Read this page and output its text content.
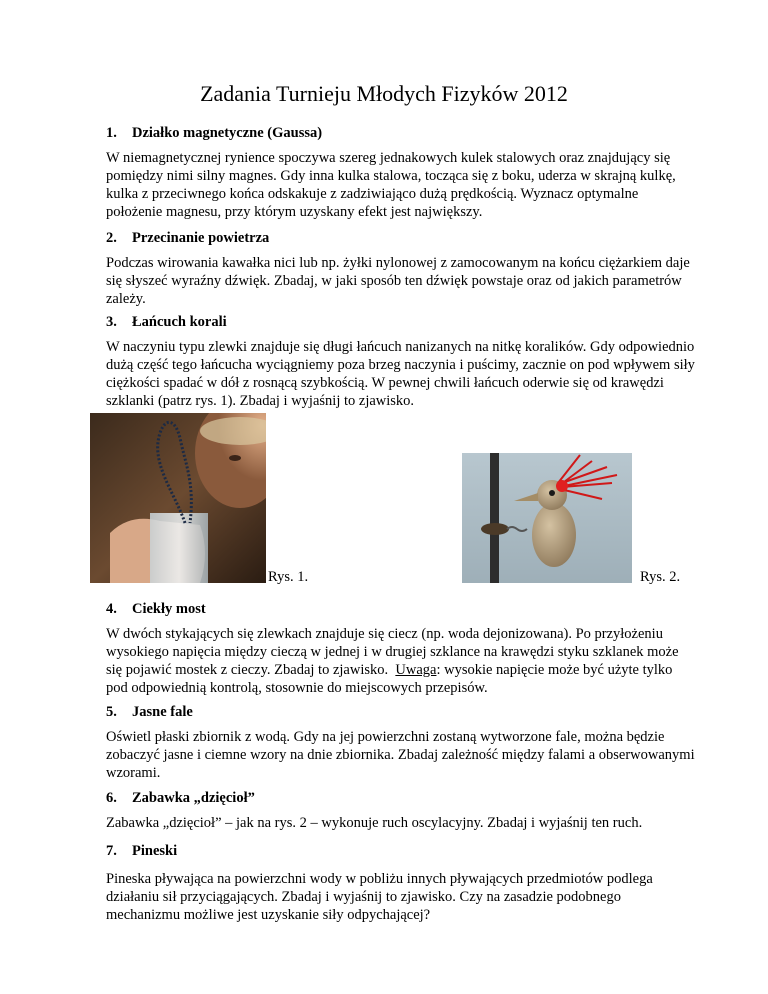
Zadania Turnieju Młodych Fizyków 2012
1. Działko magnetyczne (Gaussa)

W niemagnetycznej rynience spoczywa szereg jednakowych kulek stalowych oraz znajdujący się pomiędzy nimi silny magnes. Gdy inna kulka stalowa, tocząca się z boku, uderza w skrajną kulkę, kulka z przeciwnego końca odskakuje z zadziwiająco dużą prędkością. Wyznacz optymalne położenie magnesu, przy którym uzyskany efekt jest największy.

2. Przecinanie powietrza

Podczas wirowania kawałka nici lub np. żyłki nylonowej z zamocowanym na końcu ciężarkiem daje się słyszeć wyraźny dźwięk. Zbadaj, w jaki sposób ten dźwięk powstaje oraz od jakich parametrów zależy.

3. Łańcuch korali

W naczyniu typu zlewki znajduje się długi łańcuch nanizanych na nitkę koralików. Gdy odpowiednio dużą część tego łańcucha wyciągniemy poza brzeg naczynia i puścimy, zacznie on pod wpływem siły ciężkości spadać w dół z rosnącą szybkością. W pewnej chwili łańcuch oderwie się od krawędzi szklanki (patrz rys. 1). Zbadaj i wyjaśnij to zjawisko.

Rys. 1.	Rys. 2.
4. Ciekły most

W dwóch stykających się zlewkach znajduje się ciecz (np. woda dejonizowana). Po przyłożeniu wysokiego napięcia między cieczą w jednej i w drugiej szklance na krawędzi styku szklanek może się pojawić mostek z cieczy. Zbadaj to zjawisko. Uwaga: wysokie napięcie może być użyte tylko pod odpowiednią kontrolą, stosownie do miejscowych przepisów.

5. Jasne fale

Oświetl płaski zbiornik z wodą. Gdy na jej powierzchni zostaną wytworzone fale, można będzie zobaczyć jasne i ciemne wzory na dnie zbiornika. Zbadaj zależność między falami a obserwowanymi wzorami.

6. Zabawka „dzięcioł”

Zabawka „dzięcioł” – jak na rys. 2 – wykonuje ruch oscylacyjny. Zbadaj i wyjaśnij ten ruch.

7. Pineski

Pineska pływająca na powierzchni wody w pobliżu innych pływających przedmiotów podlega działaniu sił przyciągających. Zbadaj i wyjaśnij to zjawisko. Czy na zasadzie podobnego mechanizmu możliwe jest uzyskanie siły odpychającej?
